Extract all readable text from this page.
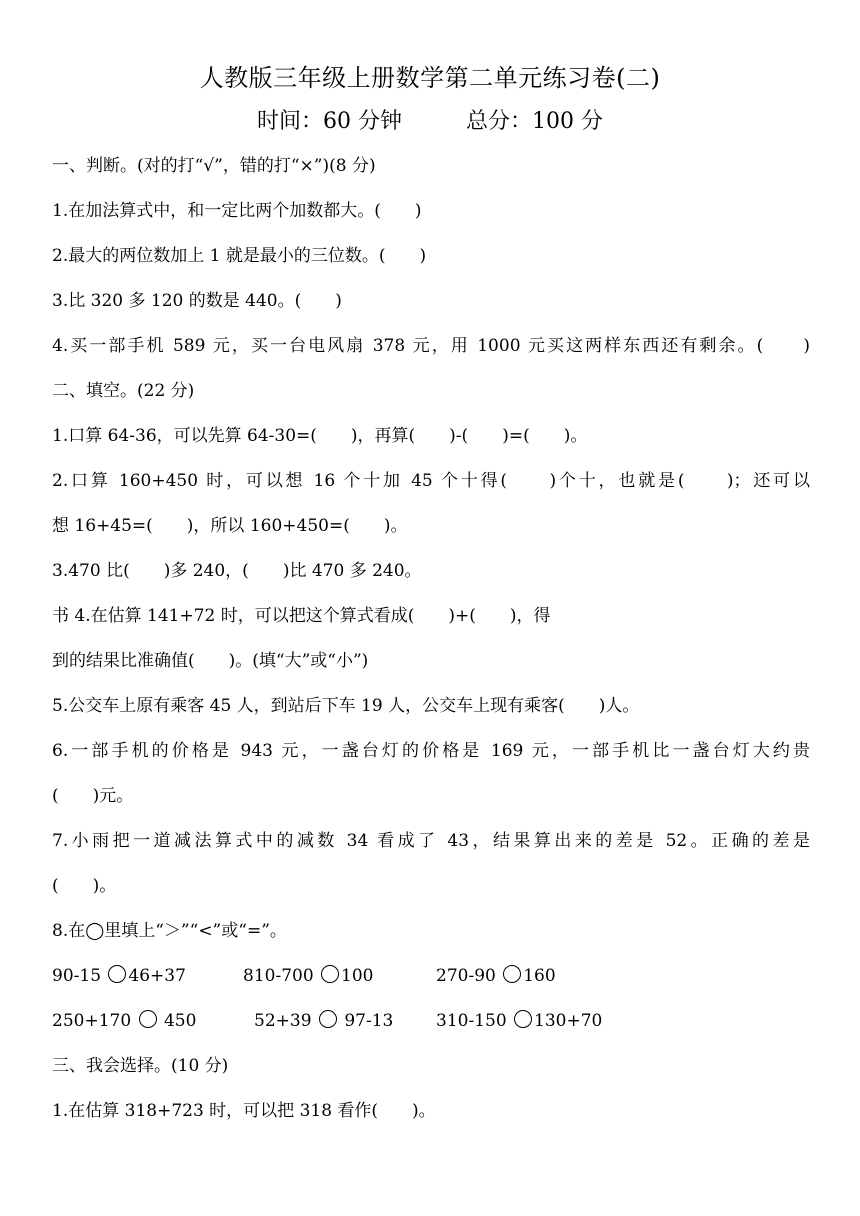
人教版三年级上册数学第二单元练习卷(二)
时间：60 分钟	总分：100 分
一、判断。(对的打“√”，错的打“×”)(8 分)
1.在加法算式中，和一定比两个加数都大。(　　)
2.最大的两位数加上 1 就是最小的三位数。(　　)
3.比 320 多 120 的数是 440。(　　)
4.买一部手机 589 元，买一台电风扇 378 元，用 1000 元买这两样东西还有剩余。(　　)
二、填空。(22 分)
1.口算 64-36，可以先算 64-30=(　　)，再算(　　)-(　　)=(　　)。
2.口算 160+450 时，可以想 16 个十加 45 个十得(　　)个十，也就是(　　)；还可以
想 16+45=(　　)，所以 160+450=(　　)。
3.470 比(　　)多 240，(　　)比 470 多 240。
书 4.在估算 141+72 时，可以把这个算式看成(　　)+(　　)，得
到的结果比准确值(　　)。(填“大”或“小”)
5.公交车上原有乘客 45 人，到站后下车 19 人，公交车上现有乘客(　　)人。
6.一部手机的价格是 943 元，一盏台灯的价格是 169 元，一部手机比一盏台灯大约贵
(　　)元。
7.小雨把一道减法算式中的减数 34 看成了 43，结果算出来的差是 52。正确的差是
(　　)。
8.在◯里填上“＞”“<”或“=”。
90-15 46+37	810-700 100	270-90 160
250+170 450	52+39 97-13	310-150 130+70
三、我会选择。(10 分)
1.在估算 318+723 时，可以把 318 看作(　　)。
